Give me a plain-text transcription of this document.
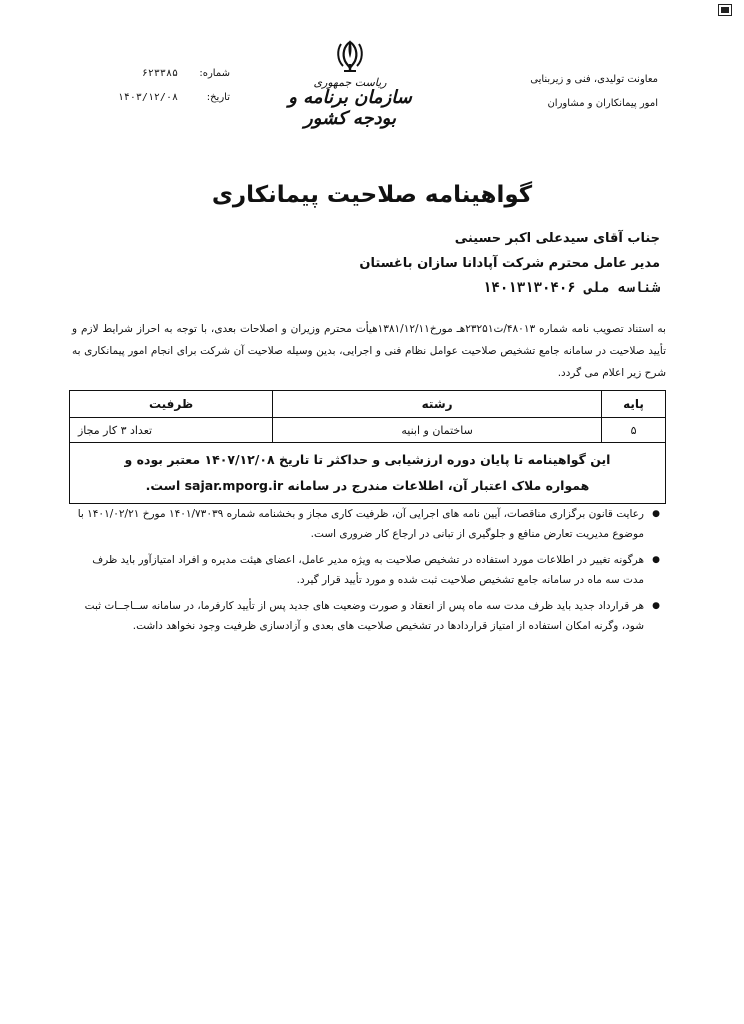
معاونت تولیدی، فنی و زیربنایی
امور پیمانکاران و مشاوران
شماره:
۶۲۳۳۸۵
تاریخ:
۱۴۰۳/۱۲/۰۸
ریاست جمهوری
سازمان برنامه و بودجه کشور
گواهینامه صلاحیت پیمانکاری
جناب آقای سیدعلی اکبر حسینی
مدیر عامل محترم شرکت آپادانا سازان باغستان
شناسه ملی ۱۴۰۱۳۱۳۰۴۰۶
به استناد تصویب نامه شماره ۴۸۰۱۳/ت۲۳۲۵۱هـ مورخ۱۳۸۱/۱۲/۱۱هیأت محترم وزیران و اصلاحات بعدی، با توجه به احراز شرایط لازم و تأیید صلاحیت در سامانه جامع تشخیص صلاحیت عوامل نظام فنی و اجرایی، بدین وسیله صلاحیت آن شرکت برای انجام امور پیمانکاری به شرح زیر اعلام می گردد.
پایه	رشته	ظرفیت
۵	ساختمان و ابنیه	تعداد ۳ کار مجاز

این گواهینامه تا پایان دوره ارزشیابی و حداکثر تا تاریخ ۱۴۰۷/۱۲/۰۸ معتبر بوده و
همواره ملاک اعتبار آن، اطلاعات مندرج در سامانه sajar.mporg.ir است.		
●
رعایت قانون برگزاری مناقصات، آیین نامه های اجرایی آن، ظرفیت کاری مجاز و بخشنامه شماره ۱۴۰۱/۷۳۰۳۹ مورخ ۱۴۰۱/۰۲/۲۱ با موضوع مدیریت تعارض منافع و جلوگیری از تبانی در ارجاع کار ضروری است.
●
هرگونه تغییر در اطلاعات مورد استفاده در تشخیص صلاحیت به ویژه مدیر عامل، اعضای هیئت مدیره و افراد امتیازآور باید ظرف مدت سه ماه در سامانه جامع تشخیص صلاحیت ثبت شده و مورد تأیید قرار گیرد.
●
هر قرارداد جدید باید ظرف مدت سه ماه پس از انعقاد و صورت وضعیت های جدید پس از تأیید کارفرما، در سامانه ســاجــات ثبت شود، وگرنه امکان استفاده از امتیاز قراردادها در تشخیص صلاحیت های بعدی و آزادسازی ظرفیت وجود نخواهد داشت.
